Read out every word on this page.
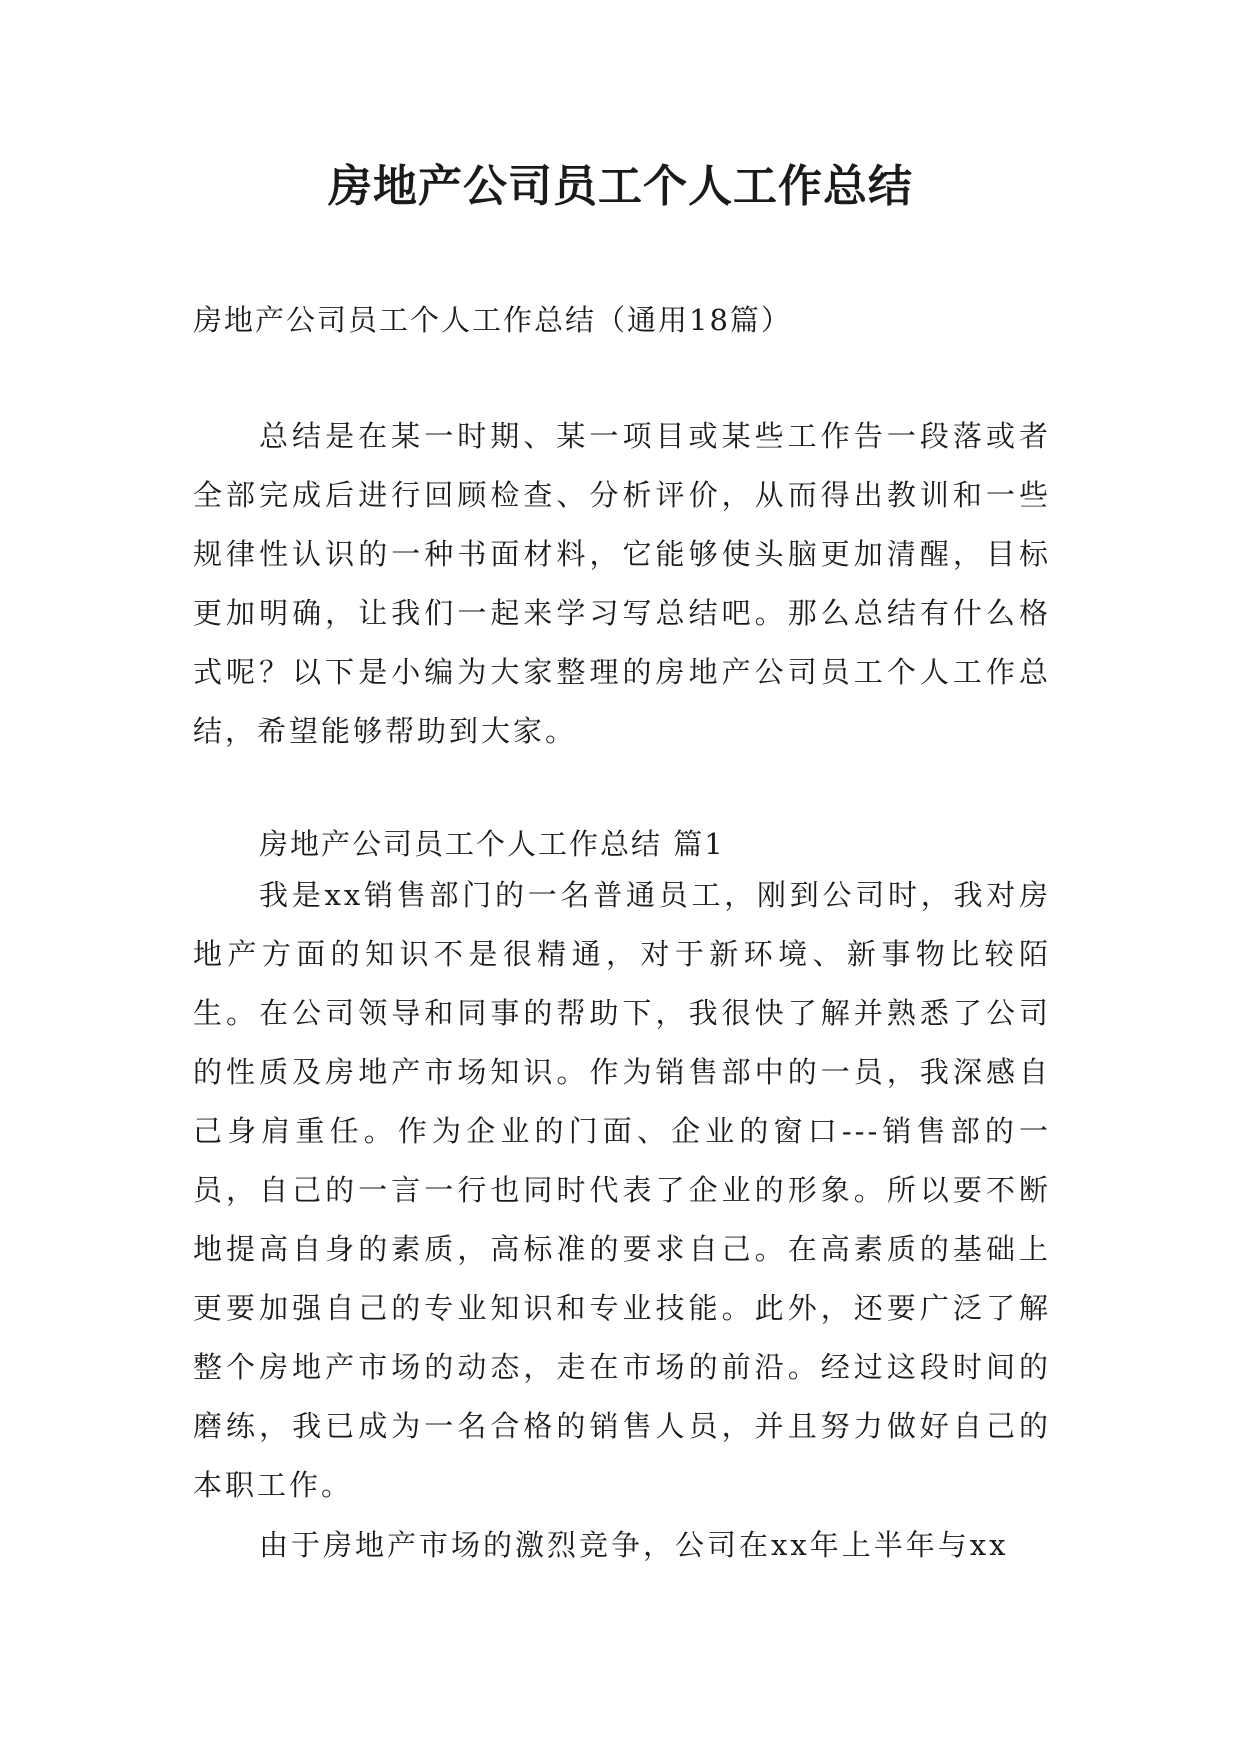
房地产公司员工个人工作总结

房地产公司员工个人工作总结（通用18篇）

总结是在某一时期、某一项目或某些工作告一段落或者全部完成后进行回顾检查、分析评价，从而得出教训和一些规律性认识的一种书面材料，它能够使头脑更加清醒，目标更加明确，让我们一起来学习写总结吧。那么总结有什么格式呢？以下是小编为大家整理的房地产公司员工个人工作总结，希望能够帮助到大家。

房地产公司员工个人工作总结 篇1

我是xx销售部门的一名普通员工，刚到公司时，我对房地产方面的知识不是很精通，对于新环境、新事物比较陌生。在公司领导和同事的帮助下，我很快了解并熟悉了公司的性质及房地产市场知识。作为销售部中的一员，我深感自己身肩重任。作为企业的门面、企业的窗口---销售部的一员，自己的一言一行也同时代表了企业的形象。所以要不断地提高自身的素质，高标准的要求自己。在高素质的基础上更要加强自己的专业知识和专业技能。此外，还要广泛了解整个房地产市场的动态，走在市场的前沿。经过这段时间的磨练，我已成为一名合格的销售人员，并且努力做好自己的本职工作。

由于房地产市场的激烈竞争，公司在xx年上半年与xx
